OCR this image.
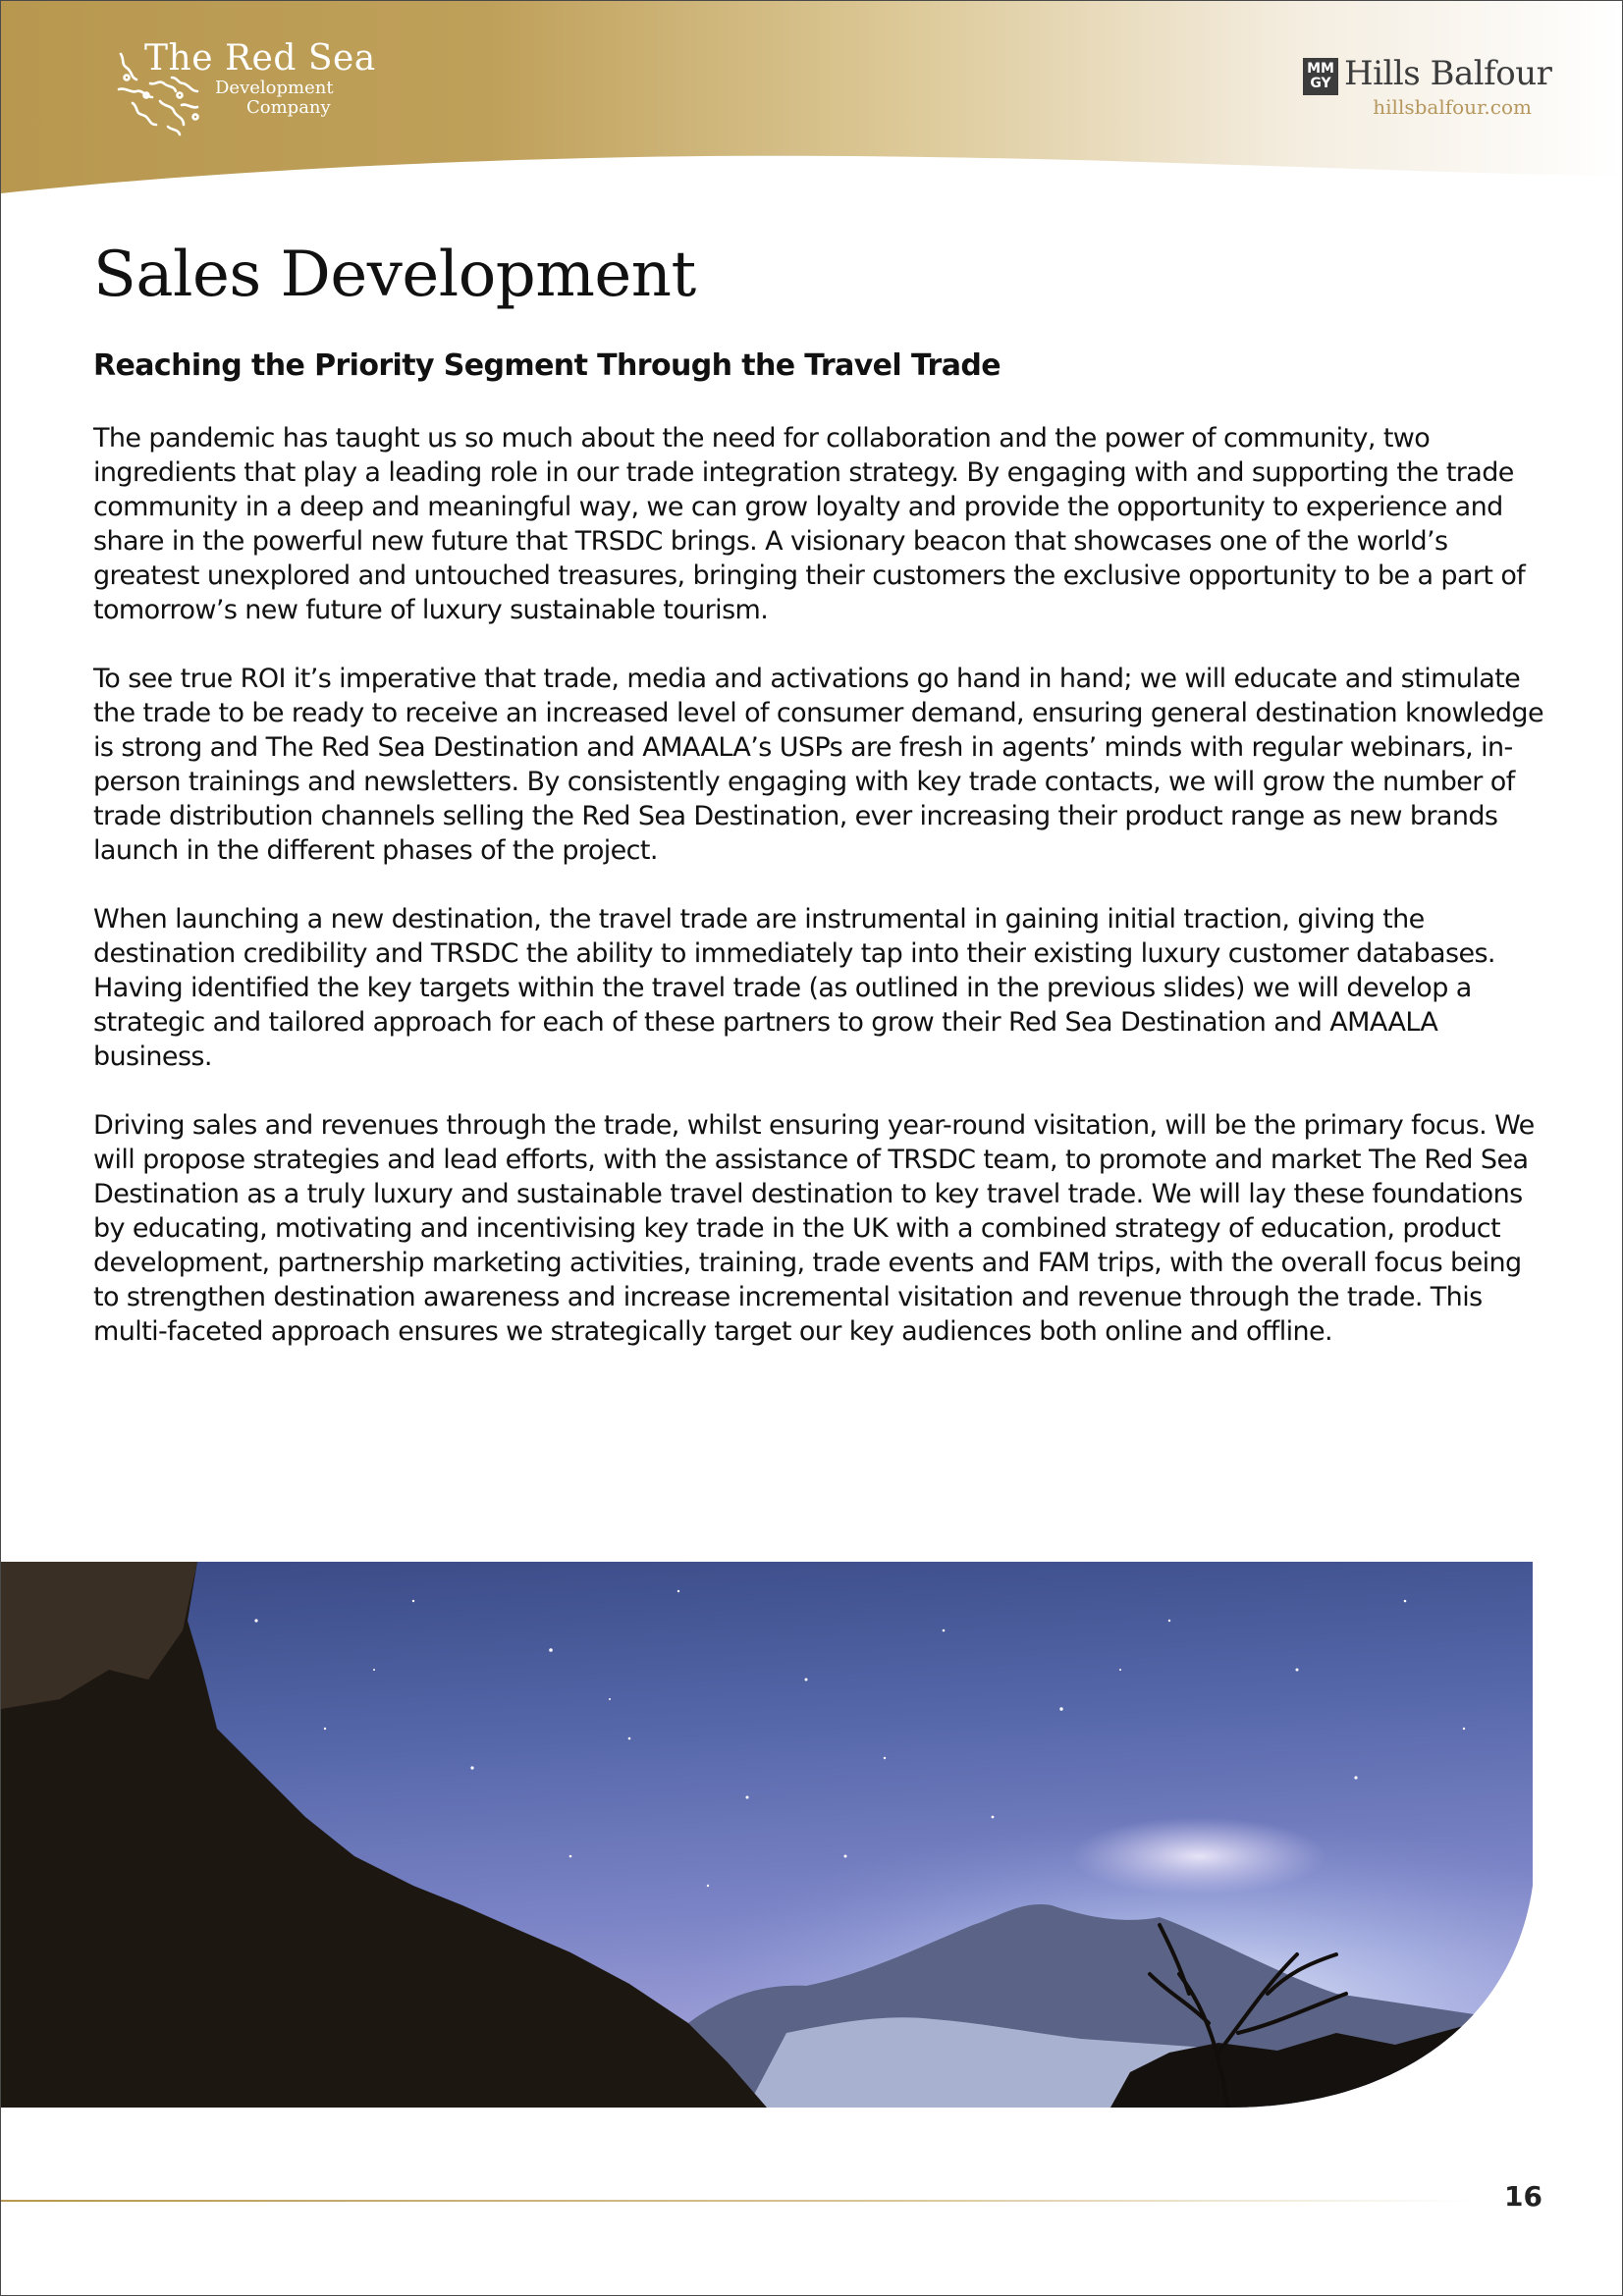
The Red Sea
Development
Company
MM
GY Hills Balfour
hillsbalfour.com
Sales Development
Reaching the Priority Segment Through the Travel Trade

The pandemic has taught us so much about the need for collaboration and the power of community, two ingredients that play a leading role in our trade integration strategy. By engaging with and supporting the trade community in a deep and meaningful way, we can grow loyalty and provide the opportunity to experience and share in the powerful new future that TRSDC brings. A visionary beacon that showcases one of the world’s greatest unexplored and untouched treasures, bringing their customers the exclusive opportunity to be a part of tomorrow’s new future of luxury sustainable tourism.

To see true ROI it’s imperative that trade, media and activations go hand in hand; we will educate and stimulate the trade to be ready to receive an increased level of consumer demand, ensuring general destination knowledge is strong and The Red Sea Destination and AMAALA’s USPs are fresh in agents’ minds with regular webinars, in-person trainings and newsletters. By consistently engaging with key trade contacts, we will grow the number of trade distribution channels selling the Red Sea Destination, ever increasing their product range as new brands launch in the different phases of the project.

When launching a new destination, the travel trade are instrumental in gaining initial traction, giving the destination credibility and TRSDC the ability to immediately tap into their existing luxury customer databases. Having identified the key targets within the travel trade (as outlined in the previous slides) we will develop a strategic and tailored approach for each of these partners to grow their Red Sea Destination and AMAALA business.

Driving sales and revenues through the trade, whilst ensuring year-round visitation, will be the primary focus. We will propose strategies and lead efforts, with the assistance of TRSDC team, to promote and market The Red Sea Destination as a truly luxury and sustainable travel destination to key travel trade. We will lay these foundations by educating, motivating and incentivising key trade in the UK with a combined strategy of education, product development, partnership marketing activities, training, trade events and FAM trips, with the overall focus being to strengthen destination awareness and increase incremental visitation and revenue through the trade. This multi-faceted approach ensures we strategically target our key audiences both online and offline.

16
